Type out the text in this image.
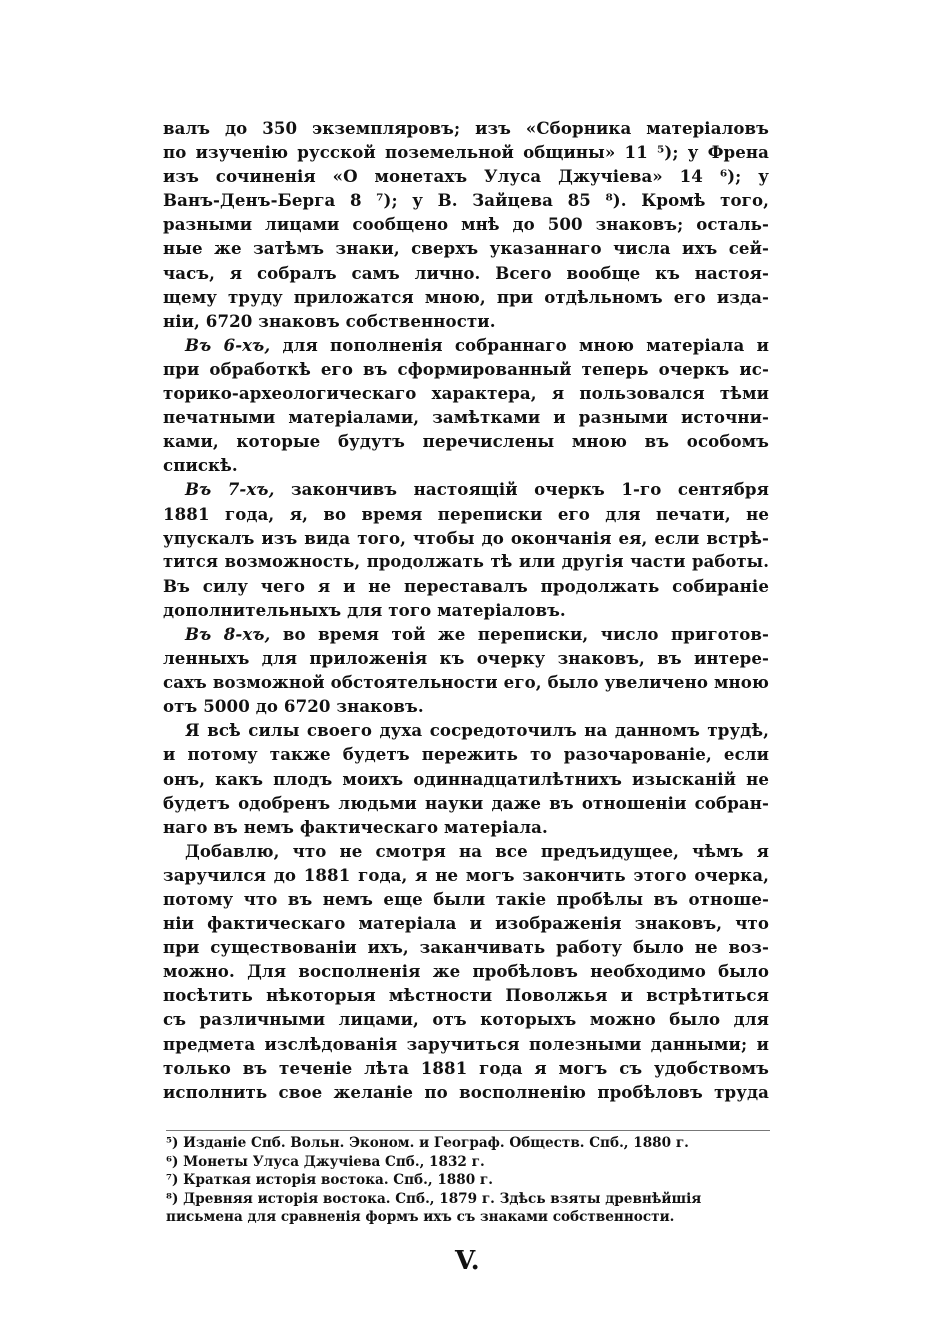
валъ до 350 экземпляровъ; изъ «Сборника матеріаловъ
по изученію русской поземельной общины» 11 ⁵); у Френа
изъ сочиненія «О монетахъ Улуса Джучіева» 14 ⁶); у
Ванъ-Денъ-Берга 8 ⁷); у В. Зайцева 85 ⁸). Кромѣ того,
разными лицами сообщено мнѣ до 500 знаковъ; осталь-
ные же затѣмъ знаки, сверхъ указаннаго числа ихъ сей-
часъ, я собралъ самъ лично. Всего вообще къ настоя-
щему труду приложатся мною, при отдѣльномъ его изда-
ніи, 6720 знаковъ собственности.
Въ 6-хъ, для пополненія собраннаго мною матеріала и
при обработкѣ его въ сформированный теперь очеркъ ис-
торико-археологическаго характера, я пользовался тѣми
печатными матеріалами, замѣтками и разными источни-
ками, которые будутъ перечислены мною въ особомъ
спискѣ.
Въ 7-хъ, закончивъ настоящій очеркъ 1-го сентября
1881 года, я, во время переписки его для печати, не
упускалъ изъ вида того, чтобы до окончанія ея, если встрѣ-
тится возможность, продолжать тѣ или другія части работы.
Въ силу чего я и не переставалъ продолжать собираніе
дополнительныхъ для того матеріаловъ.
Въ 8-хъ, во время той же переписки, число приготов-
ленныхъ для приложенія къ очерку знаковъ, въ интере-
сахъ возможной обстоятельности его, было увеличено мною
отъ 5000 до 6720 знаковъ.
Я всѣ силы своего духа сосредоточилъ на данномъ трудѣ,
и потому также будетъ пережить то разочарованіе, если
онъ, какъ плодъ моихъ одиннадцатилѣтнихъ изысканій не
будетъ одобренъ людьми науки даже въ отношеніи собран-
наго въ немъ фактическаго матеріала.
Добавлю, что не смотря на все предъидущее, чѣмъ я
заручился до 1881 года, я не могъ закончить этого очерка,
потому что въ немъ еще были такіе пробѣлы въ отноше-
ніи фактическаго матеріала и изображенія знаковъ, что
при существованіи ихъ, заканчивать работу было не воз-
можно. Для восполненія же пробѣловъ необходимо было
посѣтить нѣкоторыя мѣстности Поволжья и встрѣтиться
съ различными лицами, отъ которыхъ можно было для
предмета изслѣдованія заручиться полезными данными; и
только въ теченіе лѣта 1881 года я могъ съ удобствомъ
исполнить свое желаніе по восполненію пробѣловъ труда
⁵) Изданіе Спб. Вольн. Эконом. и Географ. Обществ. Спб., 1880 г.
⁶) Монеты Улуса Джучіева Спб., 1832 г.
⁷) Краткая исторія востока. Спб., 1880 г.
⁸) Древняя исторія востока. Спб., 1879 г. Здѣсь взяты древнѣйшія
письмена для сравненія формъ ихъ съ знаками собственности.
V.
